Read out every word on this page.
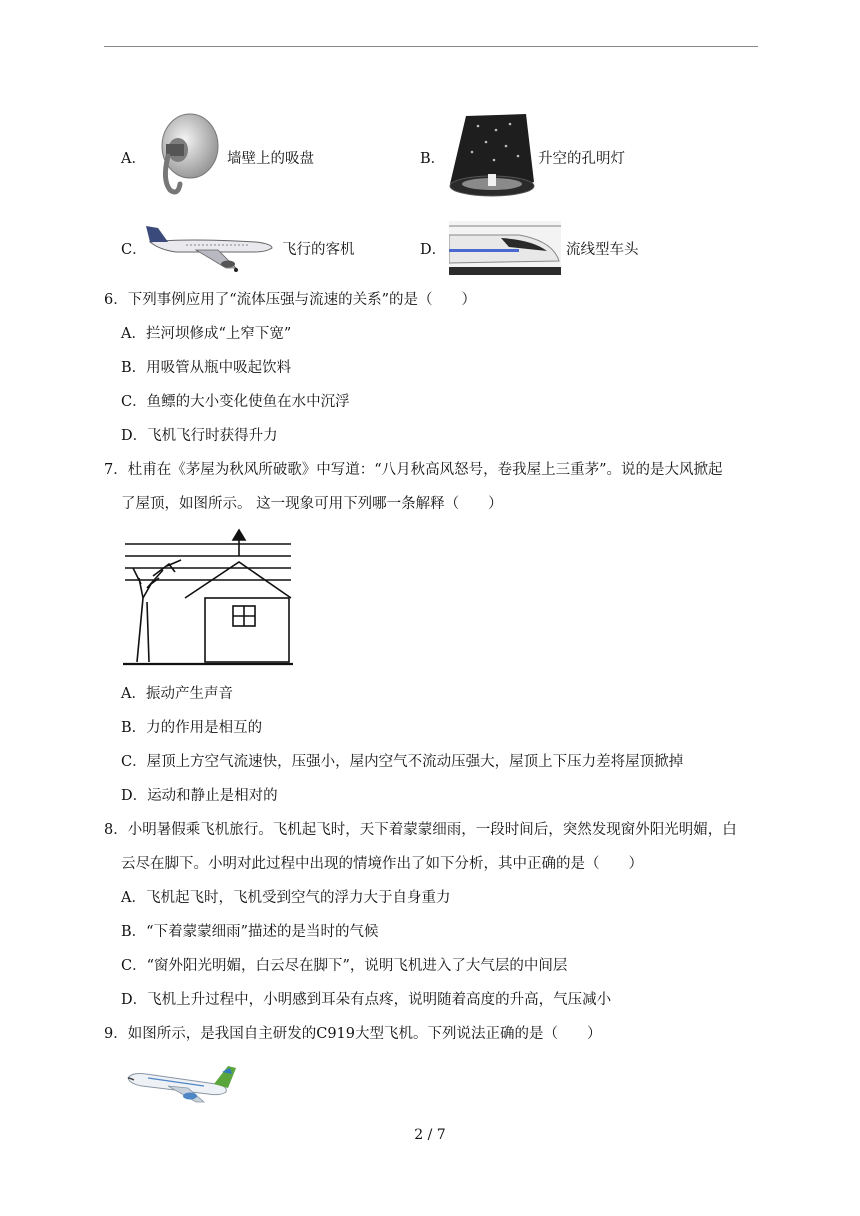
A．	墙壁上的吸盘	B．	升空的孔明灯
C．	飞行的客机	D．	流线型车头
6．下列事例应用了“流体压强与流速的关系”的是（　　）
A．拦河坝修成“上窄下宽”
B．用吸管从瓶中吸起饮料
C．鱼鳔的大小变化使鱼在水中沉浮
D．飞机飞行时获得升力
7．杜甫在《茅屋为秋风所破歌》中写道：“八月秋高风怒号，卷我屋上三重茅”。说的是大风掀起
了屋顶，如图所示。 这一现象可用下列哪一条解释（　　）
A．振动产生声音
B．力的作用是相互的
C．屋顶上方空气流速快，压强小，屋内空气不流动压强大，屋顶上下压力差将屋顶掀掉
D．运动和静止是相对的
8．小明暑假乘飞机旅行。飞机起飞时，天下着蒙蒙细雨，一段时间后，突然发现窗外阳光明媚，白
云尽在脚下。小明对此过程中出现的情境作出了如下分析，其中正确的是（　　）
A．飞机起飞时，飞机受到空气的浮力大于自身重力
B．“下着蒙蒙细雨”描述的是当时的气候
C．“窗外阳光明媚，白云尽在脚下”，说明飞机进入了大气层的中间层
D．飞机上升过程中，小明感到耳朵有点疼，说明随着高度的升高，气压减小
9．如图所示，是我国自主研发的C919大型飞机。下列说法正确的是（　　）
2 / 7
